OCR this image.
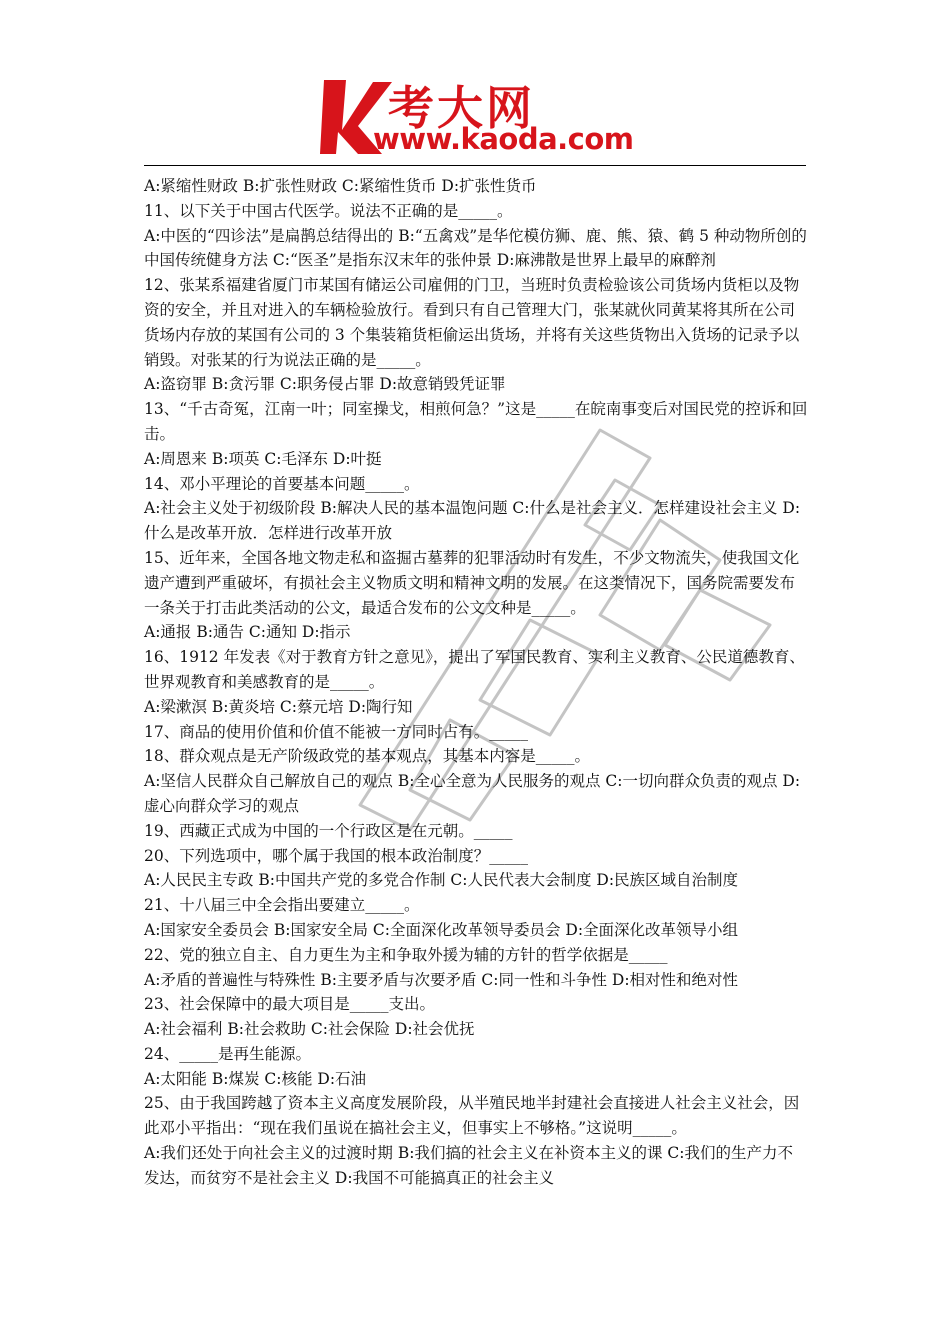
考大网
www.kaoda.com

A:紧缩性财政 B:扩张性财政 C:紧缩性货币 D:扩张性货币

11、以下关于中国古代医学。说法不正确的是_____。

A:中医的“四诊法”是扁鹊总结得出的 B:“五禽戏”是华佗模仿狮、鹿、熊、猿、鹤 5 种动物所创的中国传统健身方法 C:“医圣”是指东汉末年的张仲景 D:麻沸散是世界上最早的麻醉剂

12、张某系福建省厦门市某国有储运公司雇佣的门卫，当班时负责检验该公司货场内货柜以及物资的安全，并且对进入的车辆检验放行。看到只有自己管理大门，张某就伙同黄某将其所在公司货场内存放的某国有公司的 3 个集装箱货柜偷运出货场，并将有关这些货物出入货场的记录予以销毁。对张某的行为说法正确的是_____。

A:盗窃罪 B:贪污罪 C:职务侵占罪 D:故意销毁凭证罪

13、“千古奇冤，江南一叶；同室操戈，相煎何急？”这是_____在皖南事变后对国民党的控诉和回击。

A:周恩来 B:项英 C:毛泽东 D:叶挺

14、邓小平理论的首要基本问题_____。

A:社会主义处于初级阶段 B:解决人民的基本温饱问题 C:什么是社会主义．怎样建设社会主义 D:什么是改革开放．怎样进行改革开放

15、近年来，全国各地文物走私和盗掘古墓葬的犯罪活动时有发生，不少文物流失，使我国文化遗产遭到严重破坏，有损社会主义物质文明和精神文明的发展。在这类情况下，国务院需要发布一条关于打击此类活动的公文，最适合发布的公文文种是_____。

A:通报 B:通告 C:通知 D:指示

16、1912 年发表《对于教育方针之意见》，提出了军国民教育、实利主义教育、公民道德教育、世界观教育和美感教育的是_____。

A:梁漱溟 B:黄炎培 C:蔡元培 D:陶行知

17、商品的使用价值和价值不能被一方同时占有。_____

18、群众观点是无产阶级政党的基本观点，其基本内容是_____。

A:坚信人民群众自己解放自己的观点 B:全心全意为人民服务的观点 C:一切向群众负责的观点 D:虚心向群众学习的观点

19、西藏正式成为中国的一个行政区是在元朝。_____

20、下列选项中，哪个属于我国的根本政治制度？_____

A:人民民主专政 B:中国共产党的多党合作制 C:人民代表大会制度 D:民族区域自治制度

21、十八届三中全会指出要建立_____。

A:国家安全委员会 B:国家安全局 C:全面深化改革领导委员会 D:全面深化改革领导小组

22、党的独立自主、自力更生为主和争取外援为辅的方针的哲学依据是_____

A:矛盾的普遍性与特殊性 B:主要矛盾与次要矛盾 C:同一性和斗争性 D:相对性和绝对性

23、社会保障中的最大项目是_____支出。

A:社会福利 B:社会救助 C:社会保险 D:社会优抚

24、_____是再生能源。

A:太阳能 B:煤炭 C:核能 D:石油

25、由于我国跨越了资本主义高度发展阶段，从半殖民地半封建社会直接进人社会主义社会，因此邓小平指出：“现在我们虽说在搞社会主义，但事实上不够格。”这说明_____。

A:我们还处于向社会主义的过渡时期 B:我们搞的社会主义在补资本主义的课 C:我们的生产力不发达，而贫穷不是社会主义 D:我国不可能搞真正的社会主义
